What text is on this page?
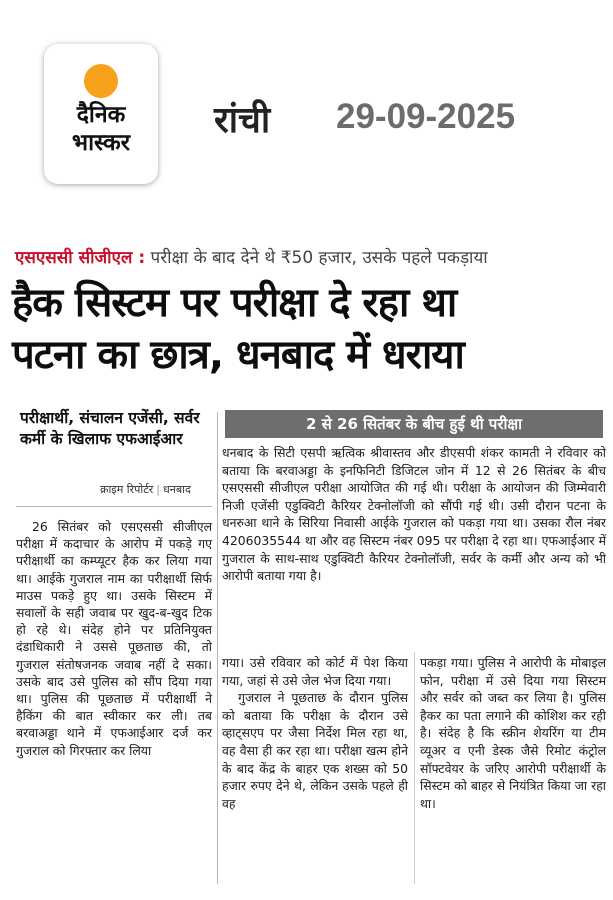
दैनिक
भास्कर
रांची 29-09-2025
एसएससी सीजीएल : परीक्षा के बाद देने थे ₹50 हजार, उसके पहले पकड़ाया
हैक सिस्टम पर परीक्षा दे रहा था
पटना का छात्र, धनबाद में धराया
परीक्षार्थी, संचालन एजेंसी, सर्वर कर्मी के खिलाफ एफआईआर
क्राइम रिपोर्टर | धनबाद

26 सितंबर को एसएससी सीजीएल परीक्षा में कदाचार के आरोप में पकड़े गए परीक्षार्थी का कम्प्यूटर हैक कर लिया गया था। आईके गुजराल नाम का परीक्षार्थी सिर्फ माउस पकड़े हुए था। उसके सिस्टम में सवालों के सही जवाब पर खुद-ब-खुद टिक हो रहे थे। संदेह होने पर प्रतिनियुक्त दंडाधिकारी ने उससे पूछताछ की, तो गुजराल संतोषजनक जवाब नहीं दे सका। उसके बाद उसे पुलिस को सौंप दिया गया था। पुलिस की पूछताछ में परीक्षार्थी ने हैकिंग की बात स्वीकार कर ली। तब बरवाअड्डा थाने में एफआईआर दर्ज कर गुजराल को गिरफ्तार कर लिया

2 से 26 सितंबर के बीच हुई थी परीक्षा

धनबाद के सिटी एसपी ऋत्विक श्रीवास्तव और डीएसपी शंकर कामती ने रविवार को बताया कि बरवाअड्डा के इनफिनिटी डिजिटल जोन में 12 से 26 सितंबर के बीच एसएससी सीजीएल परीक्षा आयोजित की गई थी। परीक्षा के आयोजन की जिम्मेवारी निजी एजेंसी एडुक्विटी कैरियर टेक्नोलॉजी को सौंपी गई थी। उसी दौरान पटना के धनरुआ थाने के सिरिया निवासी आईके गुजराल को पकड़ा गया था। उसका रौल नंबर 4206035544 था और वह सिस्टम नंबर 095 पर परीक्षा दे रहा था। एफआईआर में गुजराल के साथ-साथ एडुक्विटी कैरियर टेक्नोलॉजी, सर्वर के कर्मी और अन्य को भी आरोपी बताया गया है।

गया। उसे रविवार को कोर्ट में पेश किया गया, जहां से उसे जेल भेज दिया गया।

गुजराल ने पूछताछ के दौरान पुलिस को बताया कि परीक्षा के दौरान उसे व्हाट्सएप पर जैसा निर्देश मिल रहा था, वह वैसा ही कर रहा था। परीक्षा खत्म होने के बाद केंद्र के बाहर एक शख्स को 50 हजार रुपए देने थे, लेकिन उसके पहले ही वह

पकड़ा गया। पुलिस ने आरोपी के मोबाइल फोन, परीक्षा में उसे दिया गया सिस्टम और सर्वर को जब्त कर लिया है। पुलिस हैकर का पता लगाने की कोशिश कर रही है। संदेह है कि स्क्रीन शेयरिंग या टीम व्यूअर व एनी डेस्क जैसे रिमोट कंट्रोल सॉफ्टवेयर के जरिए आरोपी परीक्षार्थी के सिस्टम को बाहर से नियंत्रित किया जा रहा था।
